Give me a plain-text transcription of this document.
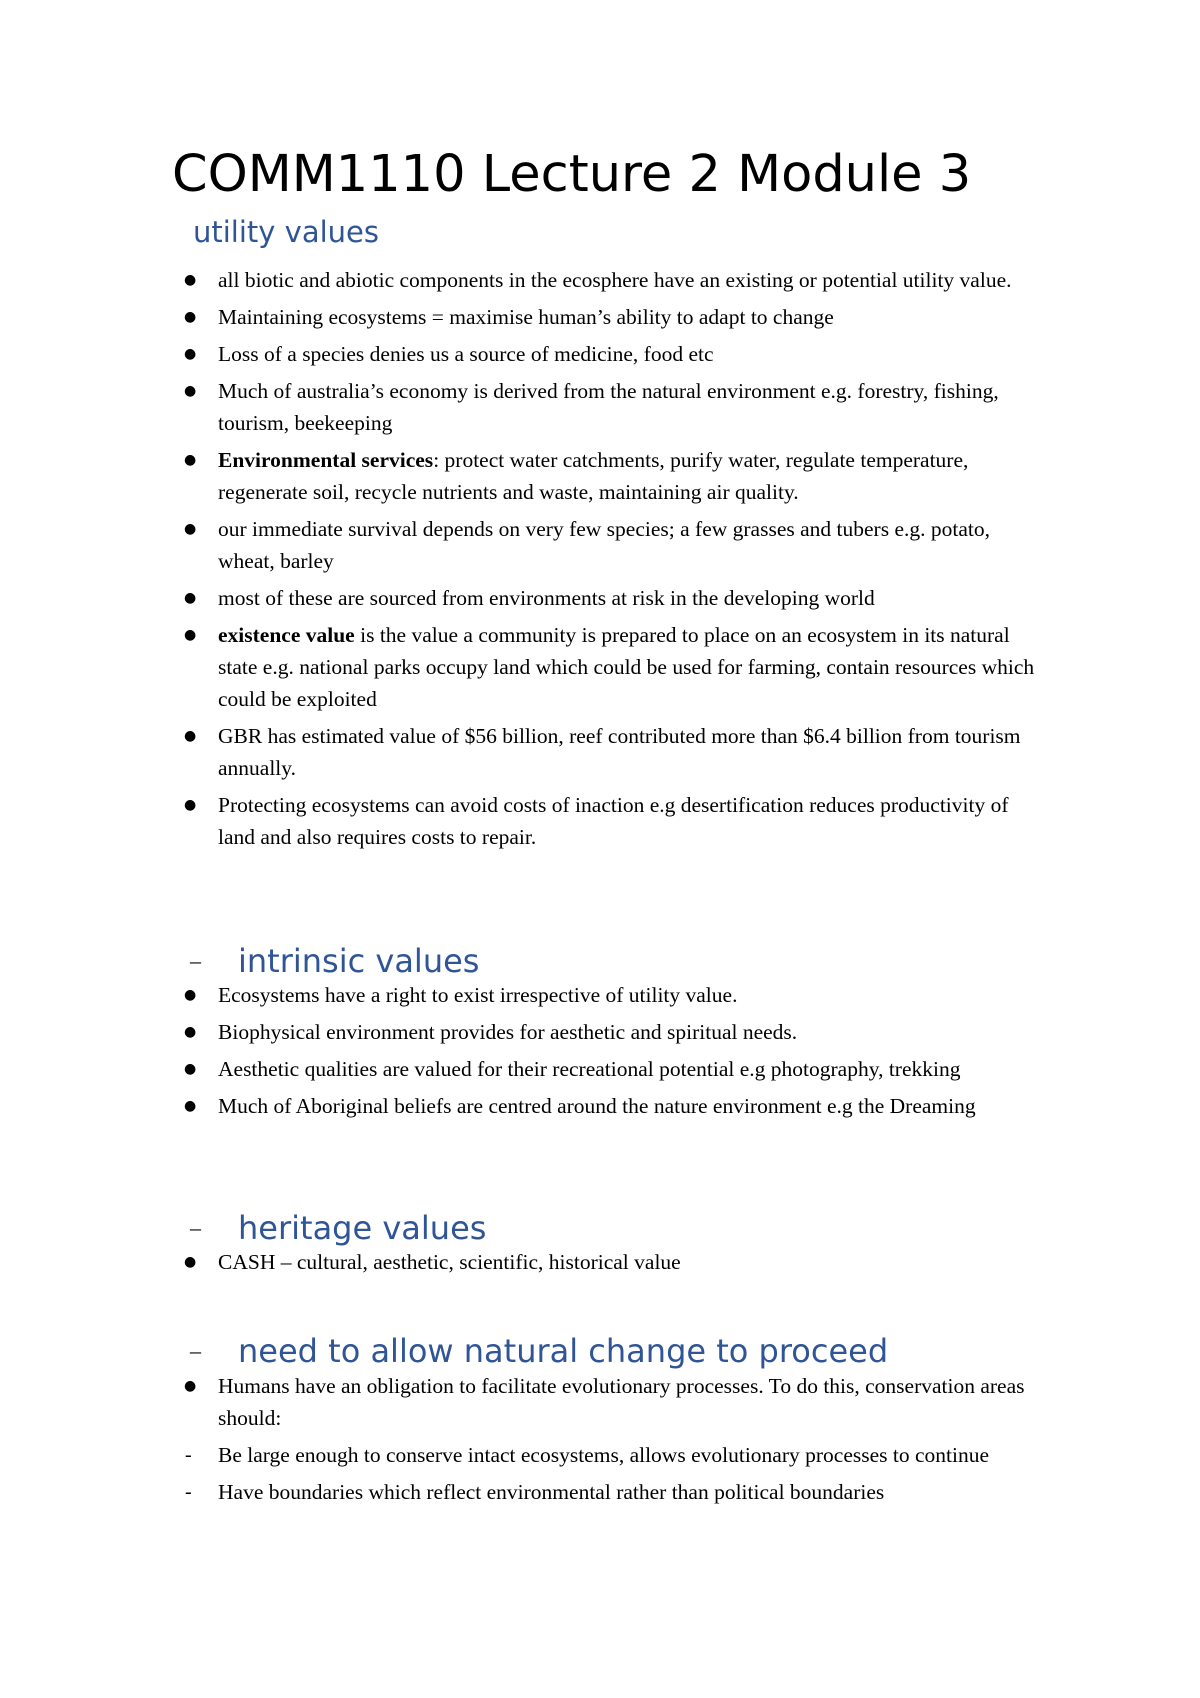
COMM1110 Lecture 2 Module 3
utility values
●	all biotic and abiotic components in the ecosphere have an existing or potential utility value.
●	Maintaining ecosystems = maximise human’s ability to adapt to change
●	Loss of a species denies us a source of medicine, food etc
●	Much of australia’s economy is derived from the natural environment e.g. forestry, fishing, tourism, beekeeping
●	Environmental services: protect water catchments, purify water, regulate temperature, regenerate soil, recycle nutrients and waste, maintaining air quality.
●	our immediate survival depends on very few species; a few grasses and tubers e.g. potato, wheat, barley
●	most of these are sourced from environments at risk in the developing world
●	existence value is the value a community is prepared to place on an ecosystem in its natural state e.g. national parks occupy land which could be used for farming, contain resources which could be exploited
●	GBR has estimated value of $56 billion, reef contributed more than $6.4 billion from tourism annually.
●	Protecting ecosystems can avoid costs of inaction e.g desertification reduces productivity of land and also requires costs to repair.
– intrinsic values
●	Ecosystems have a right to exist irrespective of utility value.
●	Biophysical environment provides for aesthetic and spiritual needs.
●	Aesthetic qualities are valued for their recreational potential e.g photography, trekking
●	Much of Aboriginal beliefs are centred around the nature environment e.g the Dreaming
– heritage values
●	CASH – cultural, aesthetic, scientific, historical value
– need to allow natural change to proceed
●	Humans have an obligation to facilitate evolutionary processes. To do this, conservation areas should:
-	Be large enough to conserve intact ecosystems, allows evolutionary processes to continue
-	Have boundaries which reflect environmental rather than political boundaries
